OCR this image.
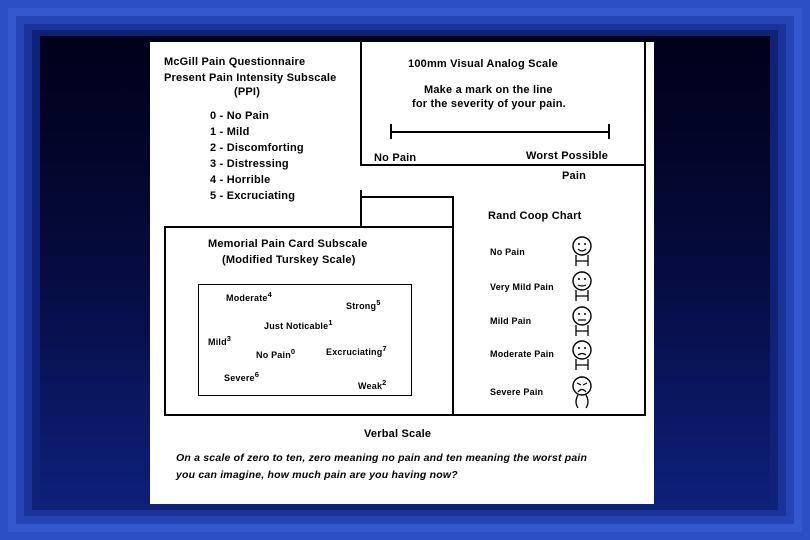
McGill Pain Questionnaire
Present Pain Intensity Subscale
(PPI)
0 - No Pain
1 - Mild
2 - Discomforting
3 - Distressing
4 - Horrible
5 - Excruciating
100mm Visual Analog Scale
Make a mark on the line
for the severity of your pain.
No Pain	Worst Possible
Pain
Memorial Pain Card Subscale
(Modified Turskey Scale)
Moderate$^4$
Strong$^5$
Just Noticable$^1$
Mild$^3$
No Pain$^0$	Excruciating$^7$
Severe$^6$
Weak$^2$
Rand Coop Chart
No Pain
Very Mild Pain
Mild Pain
Moderate Pain
Severe Pain
Verbal Scale
On a scale of zero to ten, zero meaning no pain and ten meaning the worst pain
you can imagine, how much pain are you having now?
